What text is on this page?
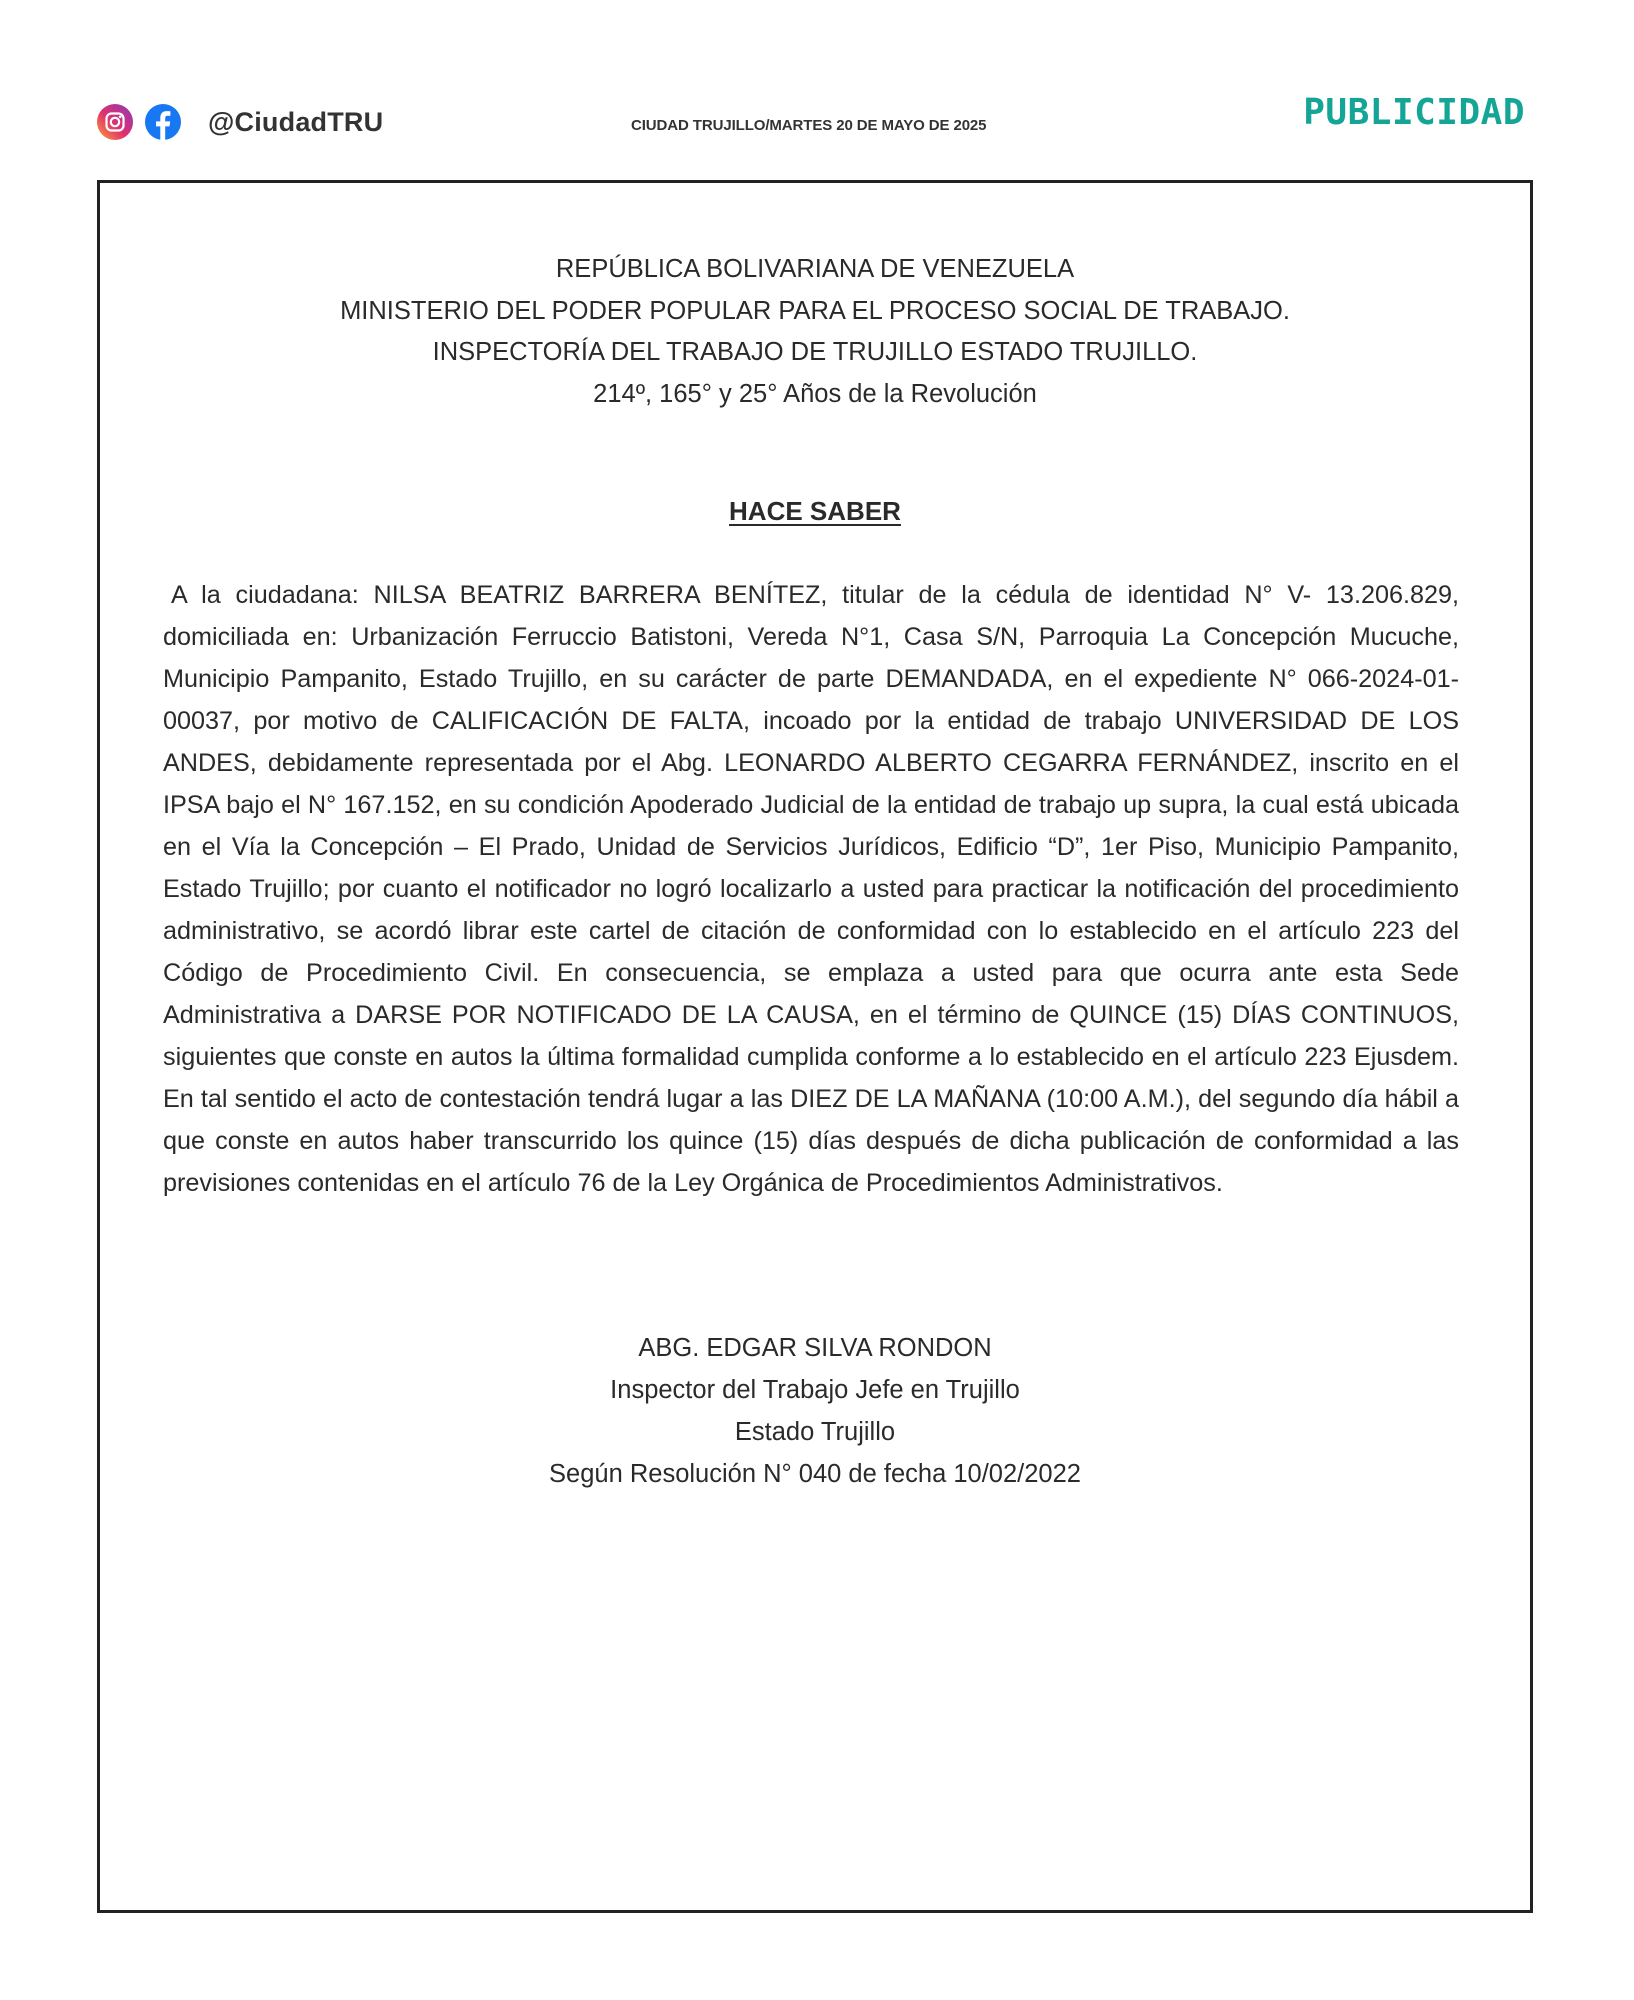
@CiudadTRU	CIUDAD TRUJILLO/MARTES 20 DE MAYO DE 2025	PUBLICIDAD
REPÚBLICA BOLIVARIANA DE VENEZUELA
MINISTERIO DEL PODER POPULAR PARA EL PROCESO SOCIAL DE TRABAJO.
INSPECTORÍA DEL TRABAJO DE TRUJILLO ESTADO TRUJILLO.
214º, 165° y 25° Años de la Revolución
HACE SABER
A la ciudadana: NILSA BEATRIZ BARRERA BENÍTEZ, titular de la cédula de identidad N° V- 13.206.829, domiciliada en: Urbanización Ferruccio Batistoni, Vereda N°1, Casa S/N, Parroquia La Concepción Mucuche, Municipio Pampanito, Estado Trujillo, en su carácter de parte DEMANDADA, en el expediente N° 066-2024-01-00037, por motivo de CALIFICACIÓN DE FALTA, incoado por la entidad de trabajo UNIVERSIDAD DE LOS ANDES, debidamente representada por el Abg. LEONARDO ALBERTO CEGARRA FERNÁNDEZ, inscrito en el IPSA bajo el N° 167.152, en su condición Apoderado Judicial de la entidad de trabajo up supra, la cual está ubicada en el Vía la Concepción – El Prado, Unidad de Servicios Jurídicos, Edificio “D”, 1er Piso, Municipio Pampanito, Estado Trujillo; por cuanto el notificador no logró localizarlo a usted para practicar la notificación del procedimiento administrativo, se acordó librar este cartel de citación de conformidad con lo establecido en el artículo 223 del Código de Procedimiento Civil. En consecuencia, se emplaza a usted para que ocurra ante esta Sede Administrativa a DARSE POR NOTIFICADO DE LA CAUSA, en el término de QUINCE (15) DÍAS CONTINUOS, siguientes que conste en autos la última formalidad cumplida conforme a lo establecido en el artículo 223 Ejusdem. En tal sentido el acto de contestación tendrá lugar a las DIEZ DE LA MAÑANA (10:00 A.M.), del segundo día hábil a que conste en autos haber transcurrido los quince (15) días después de dicha publicación de conformidad a las previsiones contenidas en el artículo 76 de la Ley Orgánica de Procedimientos Administrativos.
ABG. EDGAR SILVA RONDON
Inspector del Trabajo Jefe en Trujillo
Estado Trujillo
Según Resolución N° 040 de fecha 10/02/2022
